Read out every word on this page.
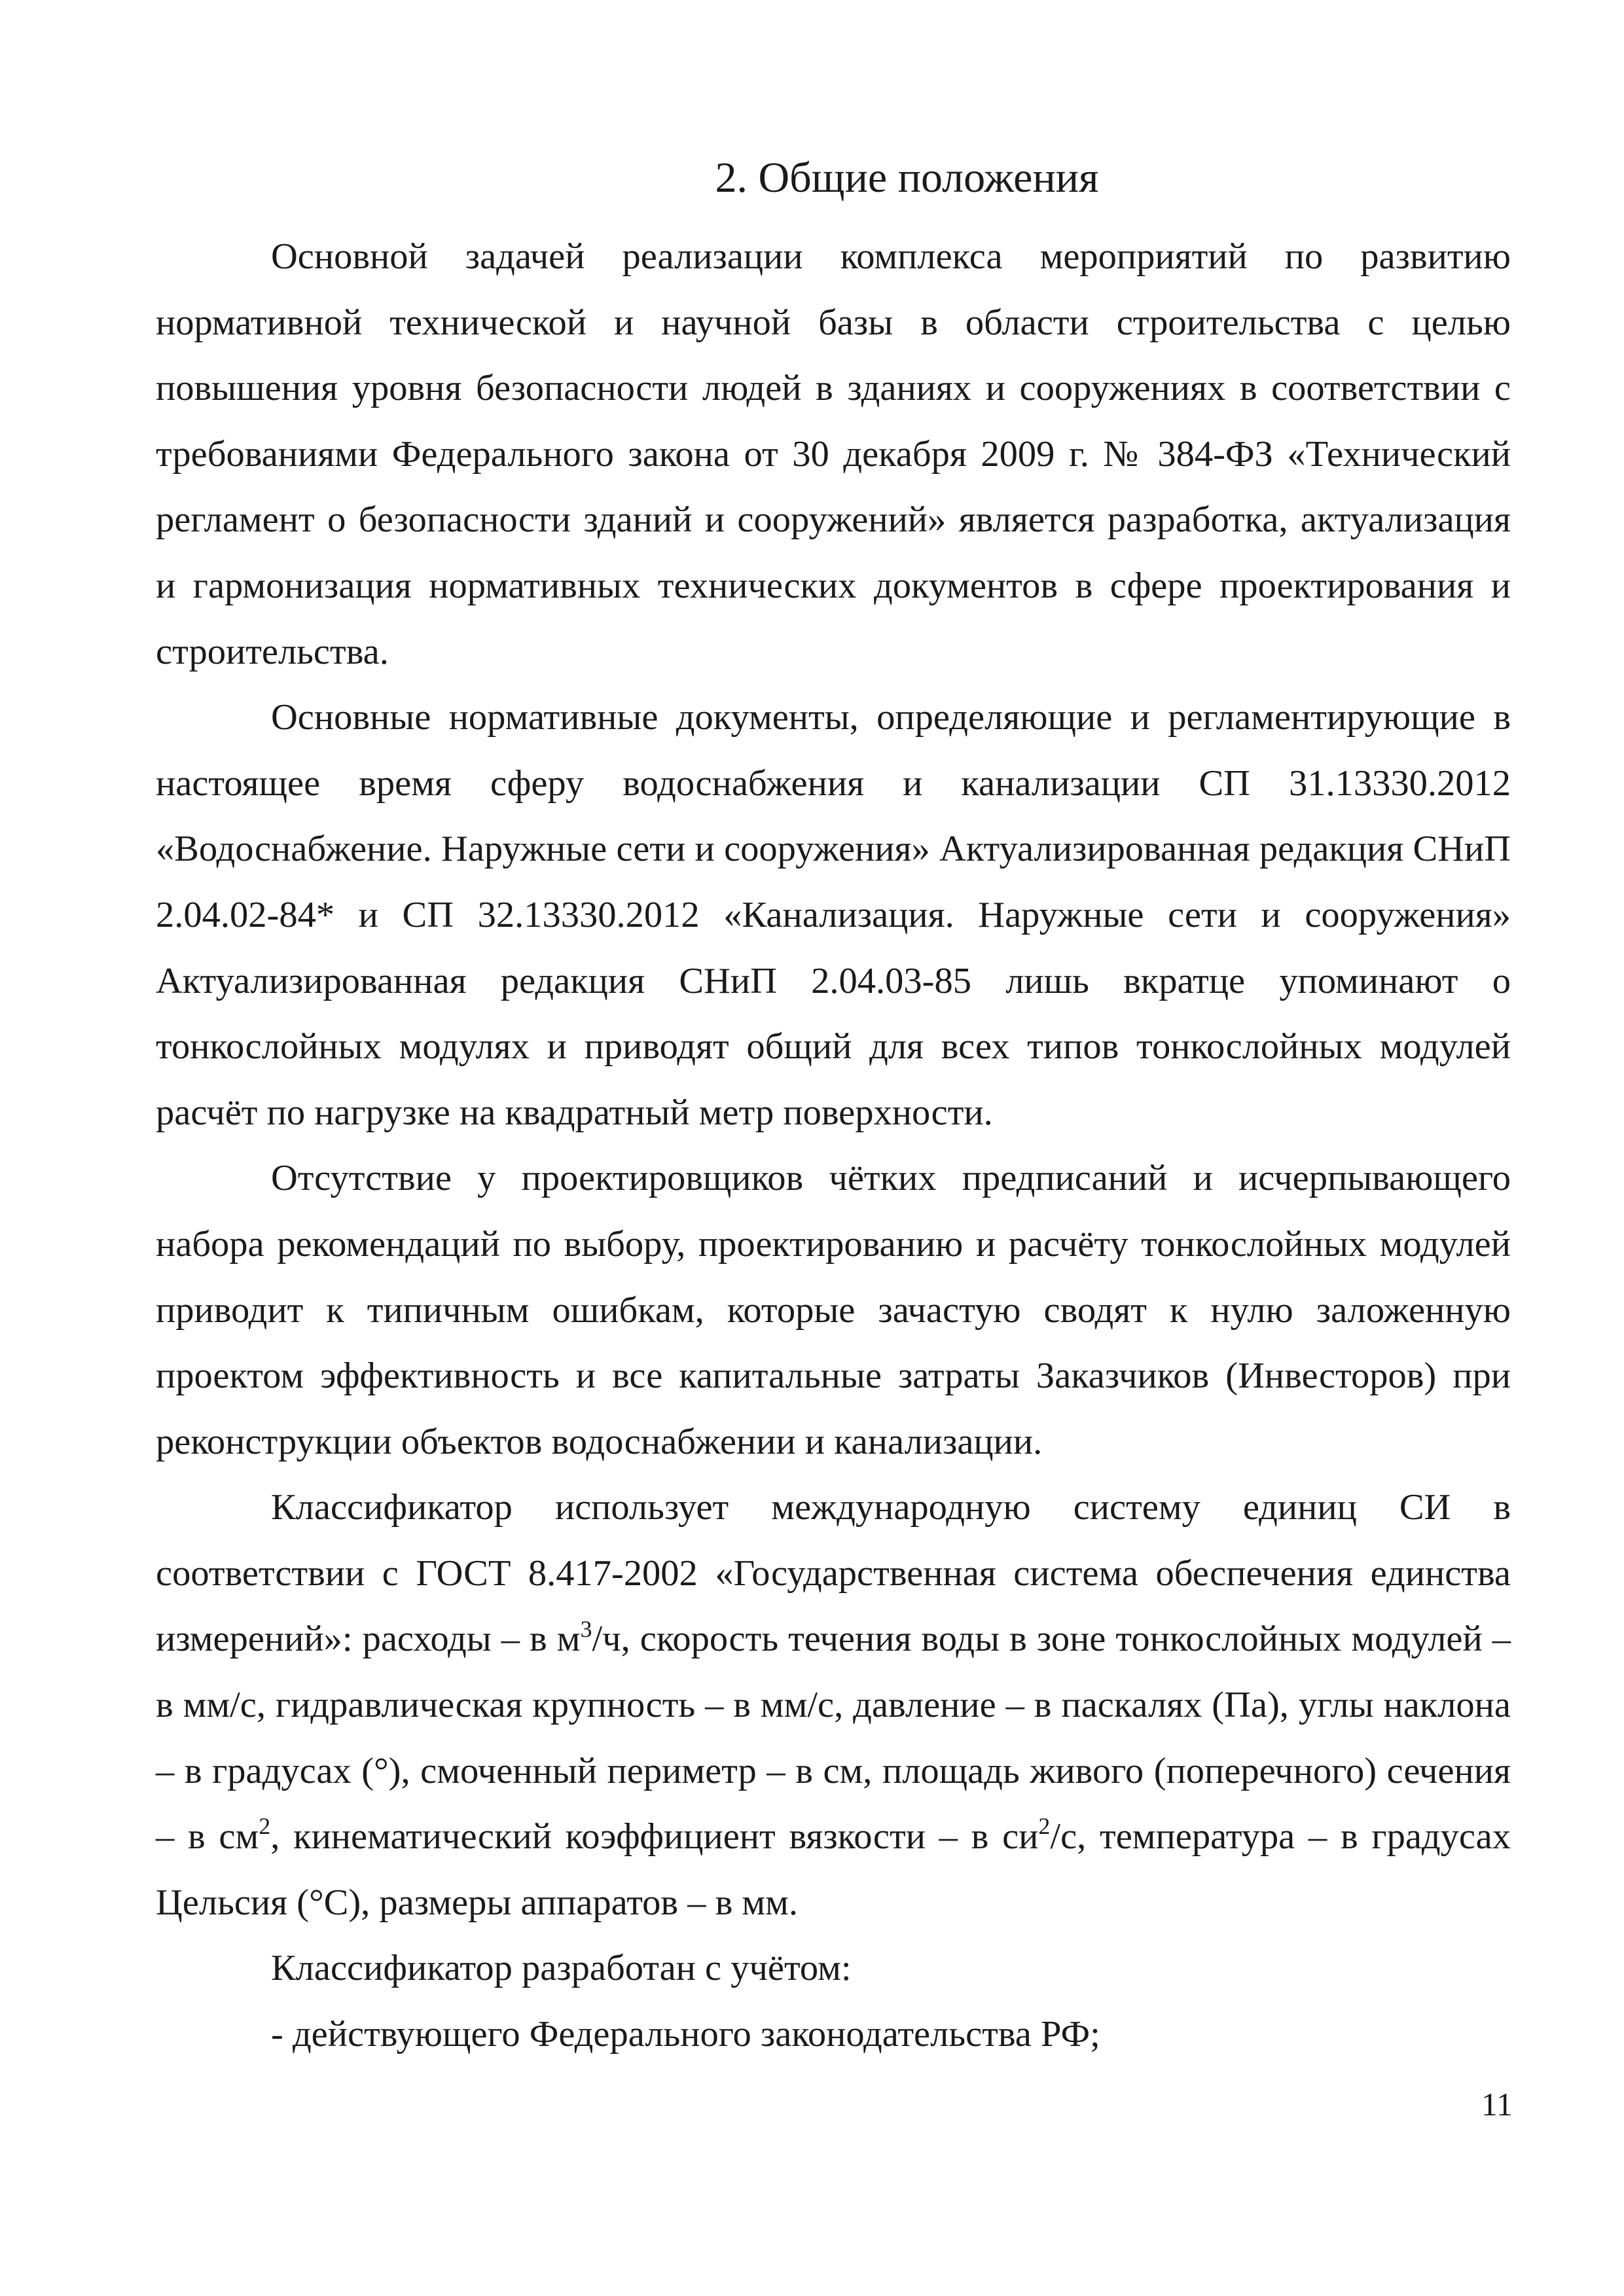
2. Общие положения

Основной задачей реализации комплекса мероприятий по развитию нормативной технической и научной базы в области строительства с целью повышения уровня безопасности людей в зданиях и сооружениях в соответствии с требованиями Федерального закона от 30 декабря 2009 г. № 384-ФЗ «Технический регламент о безопасности зданий и сооружений» является разработка, актуализация и гармонизация нормативных технических документов в сфере проектирования и строительства.

Основные нормативные документы, определяющие и регламентирующие в настоящее время сферу водоснабжения и канализации СП 31.13330.2012 «Водоснабжение. Наружные сети и сооружения» Актуализированная редакция СНиП 2.04.02-84* и СП 32.13330.2012 «Канализация. Наружные сети и сооружения» Актуализированная редакция СНиП 2.04.03-85 лишь вкратце упоминают о тонкослойных модулях и приводят общий для всех типов тонкослойных модулей расчёт по нагрузке на квадратный метр поверхности.

Отсутствие у проектировщиков чётких предписаний и исчерпывающего набора рекомендаций по выбору, проектированию и расчёту тонкослойных модулей приводит к типичным ошибкам, которые зачастую сводят к нулю заложенную проектом эффективность и все капитальные затраты Заказчиков (Инвесторов) при реконструкции объектов водоснабжении и канализации.

Классификатор использует международную систему единиц СИ в соответствии с ГОСТ 8.417-2002 «Государственная система обеспечения единства измерений»: расходы – в $м^3/ч$, скорость течения воды в зоне тонкослойных модулей – в мм/с, гидравлическая крупность – в мм/с, давление – в паскалях (Па), углы наклона – в градусах (°), смоченный периметр – в см, площадь живого (поперечного) сечения – в $см^2$, кинематический коэффициент вязкости – в $си^2/с$, температура – в градусах Цельсия (°С), размеры аппаратов – в мм.

Классификатор разработан с учётом:

- действующего Федерального законодательства РФ;

11
